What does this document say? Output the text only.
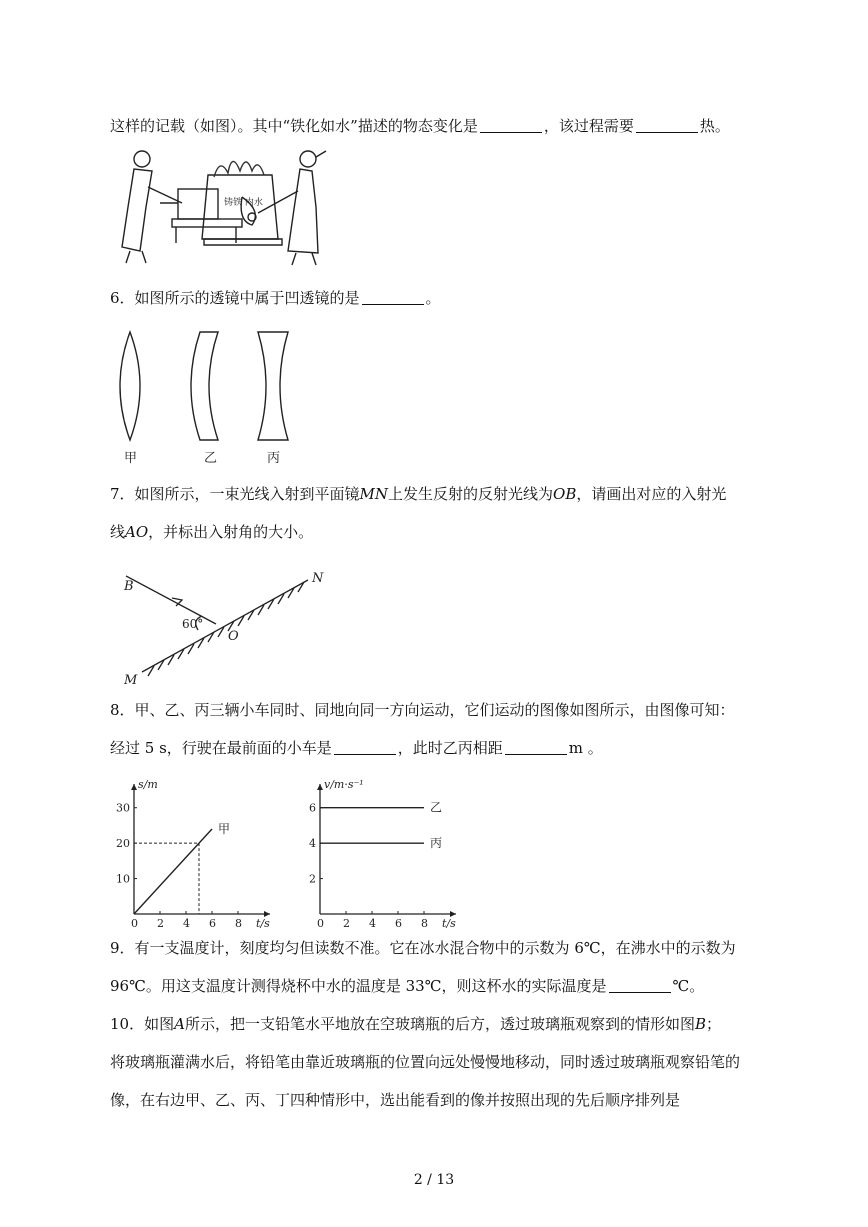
这样的记载（如图）。其中“铁化如水”描述的物态变化是	，该过程需要	热。
铸铁 内水
6．如图所示的透镜中属于凹透镜的是	。
甲	乙	丙
7．如图所示，一束光线入射到平面镜MN上发生反射的反射光线为OB，请画出对应的入射光
线AO，并标出入射角的大小。
B
N
O
M
60°
8．甲、乙、丙三辆小车同时、同地向同一方向运动，它们运动的图像如图所示，由图像可知：
经过 5 s，行驶在最前面的小车是	，此时乙丙相距	m 。
0 2 4 6 8
10
20
30
t/s
s/m
甲
0 2 4 6 8
2
4
6
t/s
v/m·s⁻¹
乙
丙
9．有一支温度计，刻度均匀但读数不准。它在冰水混合物中的示数为 6℃，在沸水中的示数为
96℃。用这支温度计测得烧杯中水的温度是 33℃，则这杯水的实际温度是	℃。
10．如图A所示，把一支铅笔水平地放在空玻璃瓶的后方，透过玻璃瓶观察到的情形如图B；
将玻璃瓶灌满水后，将铅笔由靠近玻璃瓶的位置向远处慢慢地移动，同时透过玻璃瓶观察铅笔的
像，在右边甲、乙、丙、丁四种情形中，选出能看到的像并按照出现的先后顺序排列是
2 / 13
